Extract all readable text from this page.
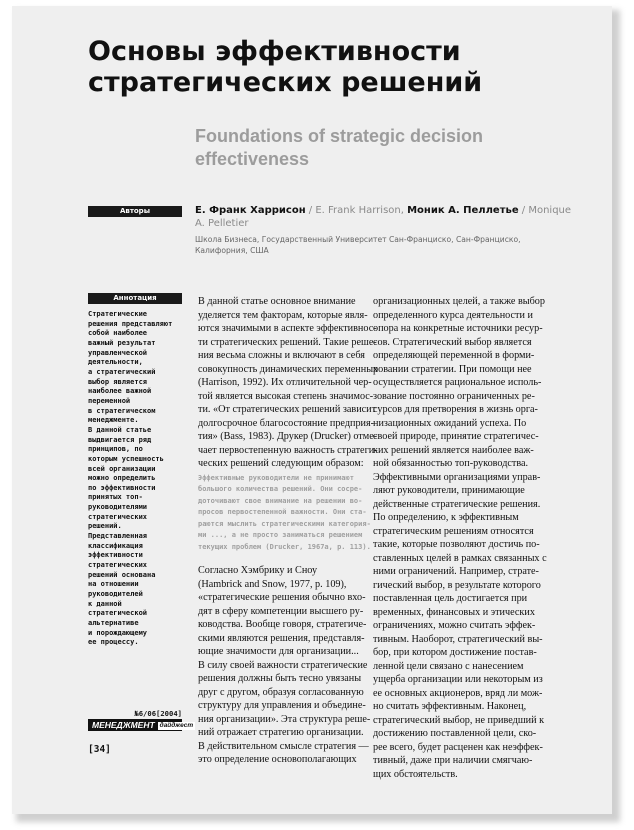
Основы эффективности
стратегических решений
Foundations of strategic decision
effectiveness
Авторы	Е. Франк Харрисон / E. Frank Harrison, Моник А. Пеллетье / Monique A. Pelletier
Школа Бизнеса, Государственный Университет Сан-Франциско, Сан-Франциско,
Калифорния, США
Аннотация
Стратегические
решения представляют
собой наиболее
важный результат
управленческой
деятельности,
а стратегический
выбор является
наиболее важной
переменной
в стратегическом
менеджменте.
В данной статье
выдвигается ряд
принципов, по
которым успешность
всей организации
можно определить
по эффективности
принятых топ-
руководителями
стратегических
решений.
Представленная
классификация
эффективности
стратегических
решений основана
на отношении
руководителей
к данной
стратегической
альтернативе
и порождающему
ее процессу.
В данной статье основное внимание
уделяется тем факторам, которые явля-
ются значимыми в аспекте эффективнос-
ти стратегических решений. Такие реше-
ния весьма сложны и включают в себя
совокупность динамических переменных
(Harrison, 1992). Их отличительной чер-
той является высокая степень значимос-
ти. «От стратегических решений зависит
долгосрочное благосостояние предприя-
тия» (Bass, 1983). Друкер (Drucker) отме-
чает первостепенную важность стратеги-
ческих решений следующим образом:
Эффективные руководители не принимают
большого количества решений. Они сосре-
доточивают свое внимание на решении во-
просов первостепенной важности. Они ста-
раются мыслить стратегическими категория-
ми ..., а не просто заниматься решением
текущих проблем (Drucker, 1967a, p. 113).
Согласно Хэмбрику и Сноу
(Hambrick and Snow, 1977, p. 109),
«стратегические решения обычно вхо-
дят в сферу компетенции высшего ру-
ководства. Вообще говоря, стратегиче-
скими являются решения, представля-
ющие значимости для организации...
В силу своей важности стратегические
решения должны быть тесно увязаны
друг с другом, образуя согласованную
структуру для управления и объедине-
ния организации». Эта структура реше-
ний отражает стратегию организации.
В действительном смысле стратегия —
это определение основополагающих
организационных целей, а также выбор
определенного курса деятельности и
опора на конкретные источники ресур-
сов. Стратегический выбор является
определяющей переменной в форми-
ровании стратегии. При помощи нее
осуществляется рациональное исполь-
зование постоянно ограниченных ре-
сурсов для претворения в жизнь орга-
низационных ожиданий успеха. По
своей природе, принятие стратегичес-
ких решений является наиболее важ-
ной обязанностью топ-руководства.
Эффективными организациями управ-
ляют руководители, принимающие
действенные стратегические решения.
По определению, к эффективным
стратегическим решениям относятся
такие, которые позволяют достичь по-
ставленных целей в рамках связанных с
ними ограничений. Например, страте-
гический выбор, в результате которого
поставленная цель достигается при
временных, финансовых и этических
ограничениях, можно считать эффек-
тивным. Наоборот, стратегический вы-
бор, при котором достижение постав-
ленной цели связано с нанесением
ущерба организации или некоторым из
ее основных акционеров, вряд ли мож-
но считать эффективным. Наконец,
стратегический выбор, не приведший к
достижению поставленной цели, ско-
рее всего, будет расценен как неэффек-
тивный, даже при наличии смягчаю-
щих обстоятельств.
№6/06[2004]
МЕНЕДЖМЕНТ дайджест
[34]
